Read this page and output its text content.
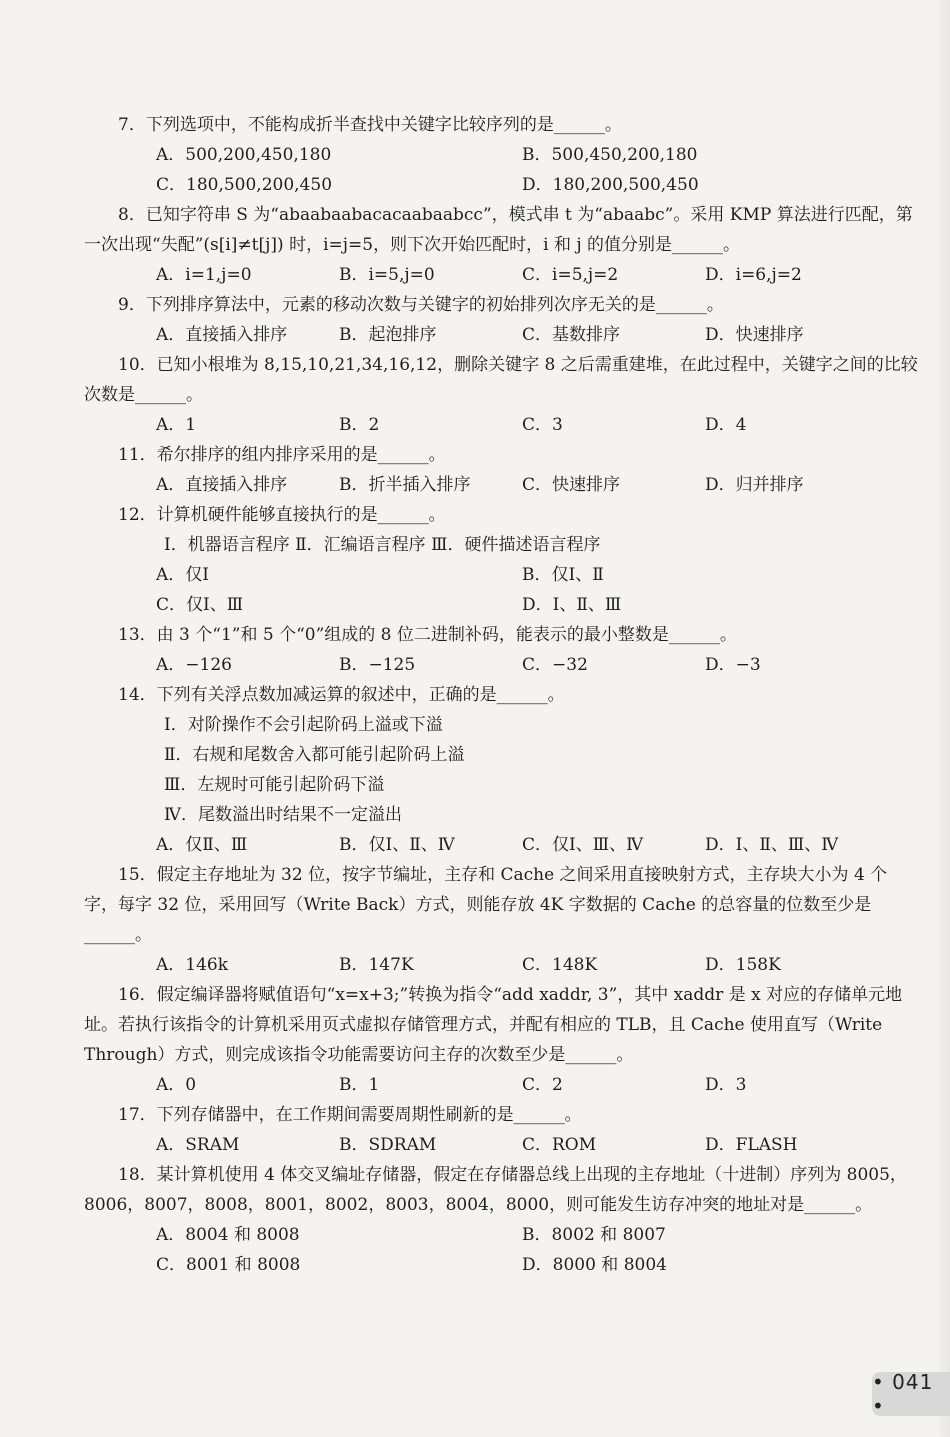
7．下列选项中，不能构成折半查找中关键字比较序列的是______。

A．500,200,450,180	B．500,450,200,180
C．180,500,200,450	D．180,200,500,450

8．已知字符串 S 为“abaabaabacacaabaabcc”，模式串 t 为“abaabc”。采用 KMP 算法进行匹配，第一次出现“失配”(s[i]≠t[j]) 时，i=j=5，则下次开始匹配时，i 和 j 的值分别是______。

A．i=1,j=0	B．i=5,j=0	C．i=5,j=2	D．i=6,j=2

9．下列排序算法中，元素的移动次数与关键字的初始排列次序无关的是______。

A．直接插入排序	B．起泡排序	C．基数排序	D．快速排序

10．已知小根堆为 8,15,10,21,34,16,12，删除关键字 8 之后需重建堆，在此过程中，关键字之间的比较次数是______。

A．1	B．2	C．3	D．4

11．希尔排序的组内排序采用的是______。

A．直接插入排序	B．折半插入排序	C．快速排序	D．归并排序

12．计算机硬件能够直接执行的是______。

Ⅰ．机器语言程序 Ⅱ．汇编语言程序 Ⅲ．硬件描述语言程序

A．仅Ⅰ	B．仅Ⅰ、Ⅱ
C．仅Ⅰ、Ⅲ	D．Ⅰ、Ⅱ、Ⅲ

13．由 3 个“1”和 5 个“0”组成的 8 位二进制补码，能表示的最小整数是______。

A．−126	B．−125	C．−32	D．−3

14．下列有关浮点数加减运算的叙述中，正确的是______。

Ⅰ．对阶操作不会引起阶码上溢或下溢

Ⅱ．右规和尾数舍入都可能引起阶码上溢

Ⅲ．左规时可能引起阶码下溢

Ⅳ．尾数溢出时结果不一定溢出

A．仅Ⅱ、Ⅲ	B．仅Ⅰ、Ⅱ、Ⅳ	C．仅Ⅰ、Ⅲ、Ⅳ	D．Ⅰ、Ⅱ、Ⅲ、Ⅳ

15．假定主存地址为 32 位，按字节编址，主存和 Cache 之间采用直接映射方式，主存块大小为 4 个字，每字 32 位，采用回写（Write Back）方式，则能存放 4K 字数据的 Cache 的总容量的位数至少是______。

A．146k	B．147K	C．148K	D．158K

16．假定编译器将赋值语句“x=x+3;”转换为指令“add xaddr, 3”，其中 xaddr 是 x 对应的存储单元地址。若执行该指令的计算机采用页式虚拟存储管理方式，并配有相应的 TLB，且 Cache 使用直写（Write Through）方式，则完成该指令功能需要访问主存的次数至少是______。

A．0	B．1	C．2	D．3

17．下列存储器中，在工作期间需要周期性刷新的是______。

A．SRAM	B．SDRAM	C．ROM	D．FLASH

18．某计算机使用 4 体交叉编址存储器，假定在存储器总线上出现的主存地址（十进制）序列为 8005，8006，8007，8008，8001，8002，8003，8004，8000，则可能发生访存冲突的地址对是______。

A．8004 和 8008	B．8002 和 8007
C．8001 和 8008	D．8000 和 8004
• 041 •
